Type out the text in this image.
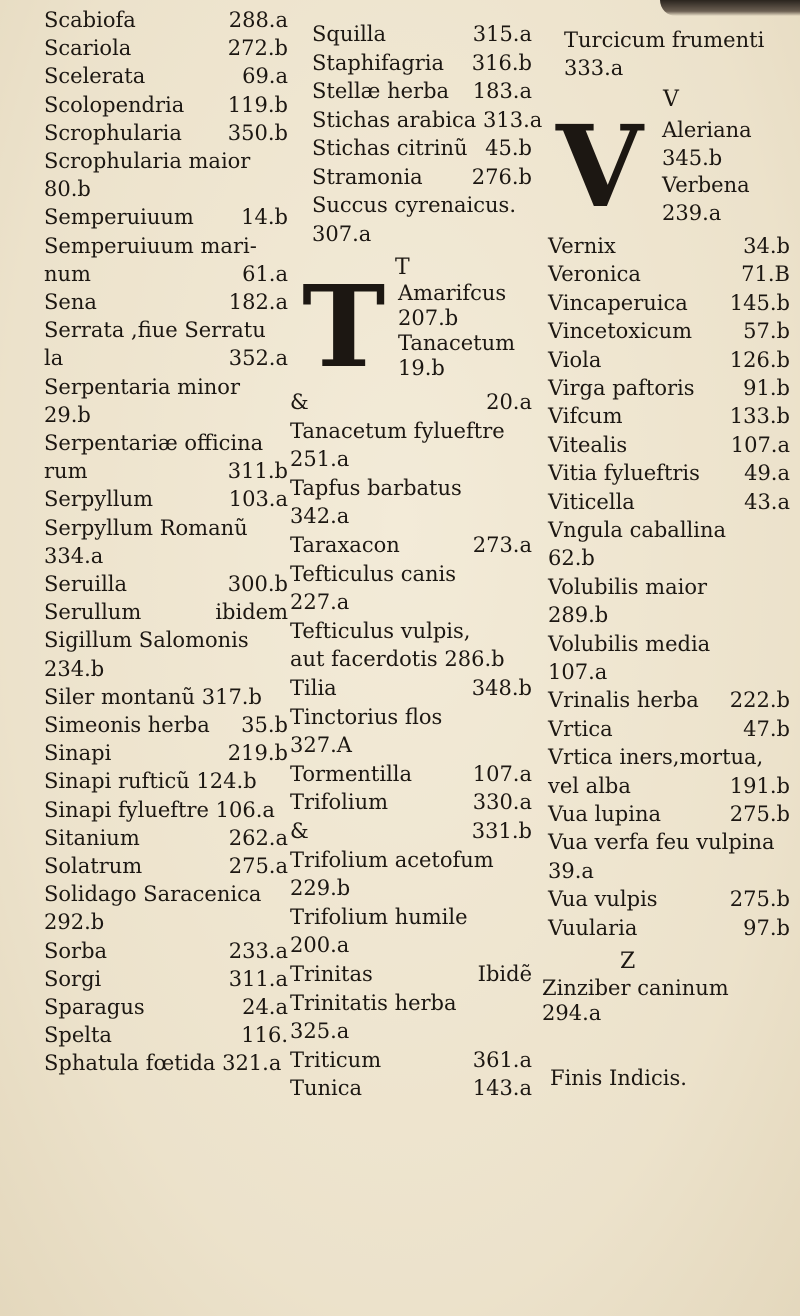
Scabiofa	288.a
Scariola	272.b
Scelerata	69.a
Scolopendria 119.b
Scrophularia 350.b
Scrophularia maior
80.b
Semperuiuum 14.b
Semperuiuum mari-
num	61.a
Sena	182.a
Serrata ,fiue Serratu
la	352.a
Serpentaria minor
29.b
Serpentariæ officina
rum	311.b
Serpyllum	103.a
Serpyllum Romanũ
334.a
Seruilla	300.b
Serullum	ibidem
Sigillum Salomonis
234.b
Siler montanũ 317.b
Simeonis herba 35.b
Sinapi	219.b
Sinapi rufticũ 124.b
Sinapi fylueftre 106.a
Sitanium	262.a
Solatrum	275.a
Solidago Saracenica
292.b
Sorba	233.a
Sorgi	311.a
Sparagus	24.a
Spelta	116.
Sphatula fœtida 321.a
Squilla	315.a
Staphifagria 316.b
Stellæ herba 183.a
Stichas arabica 313.a
Stichas citrinũ 45.b
Stramonia 276.b
Succus cyrenaicus.
307.a
T
T Amarifcus
207.b
Tanacetum
19.b
&	20.a
Tanacetum fylueftre
251.a
Tapfus barbatus
342.a
Taraxacon	273.a
Tefticulus canis
227.a
Tefticulus vulpis,
aut facerdotis 286.b
Tilia	348.b
Tinctorius flos
327.A
Tormentilla	107.a
Trifolium	330.a
&	331.b
Trifolium acetofum
229.b
Trifolium humile
200.a
Trinitas	Ibidẽ
Trinitatis herba
325.a
Triticum	361.a
Tunica	143.a
Turcicum frumenti
333.a
V
V Aleriana
345.b
Verbena
239.a
Vernix	34.b
Veronica	71.B
Vincaperuica 145.b
Vincetoxicum 57.b
Viola	126.b
Virga paftoris 91.b
Vifcum	133.b
Vitealis	107.a
Vitia fylueftris 49.a
Viticella	43.a
Vngula caballina
62.b
Volubilis maior
289.b
Volubilis media
107.a
Vrinalis herba 222.b
Vrtica	47.b
Vrtica iners,mortua,
vel alba	191.b
Vua lupina	275.b
Vua verfa feu vulpina
39.a
Vua vulpis	275.b
Vuularia	97.b
Z
Zinziber caninum
294.a
Finis Indicis.
